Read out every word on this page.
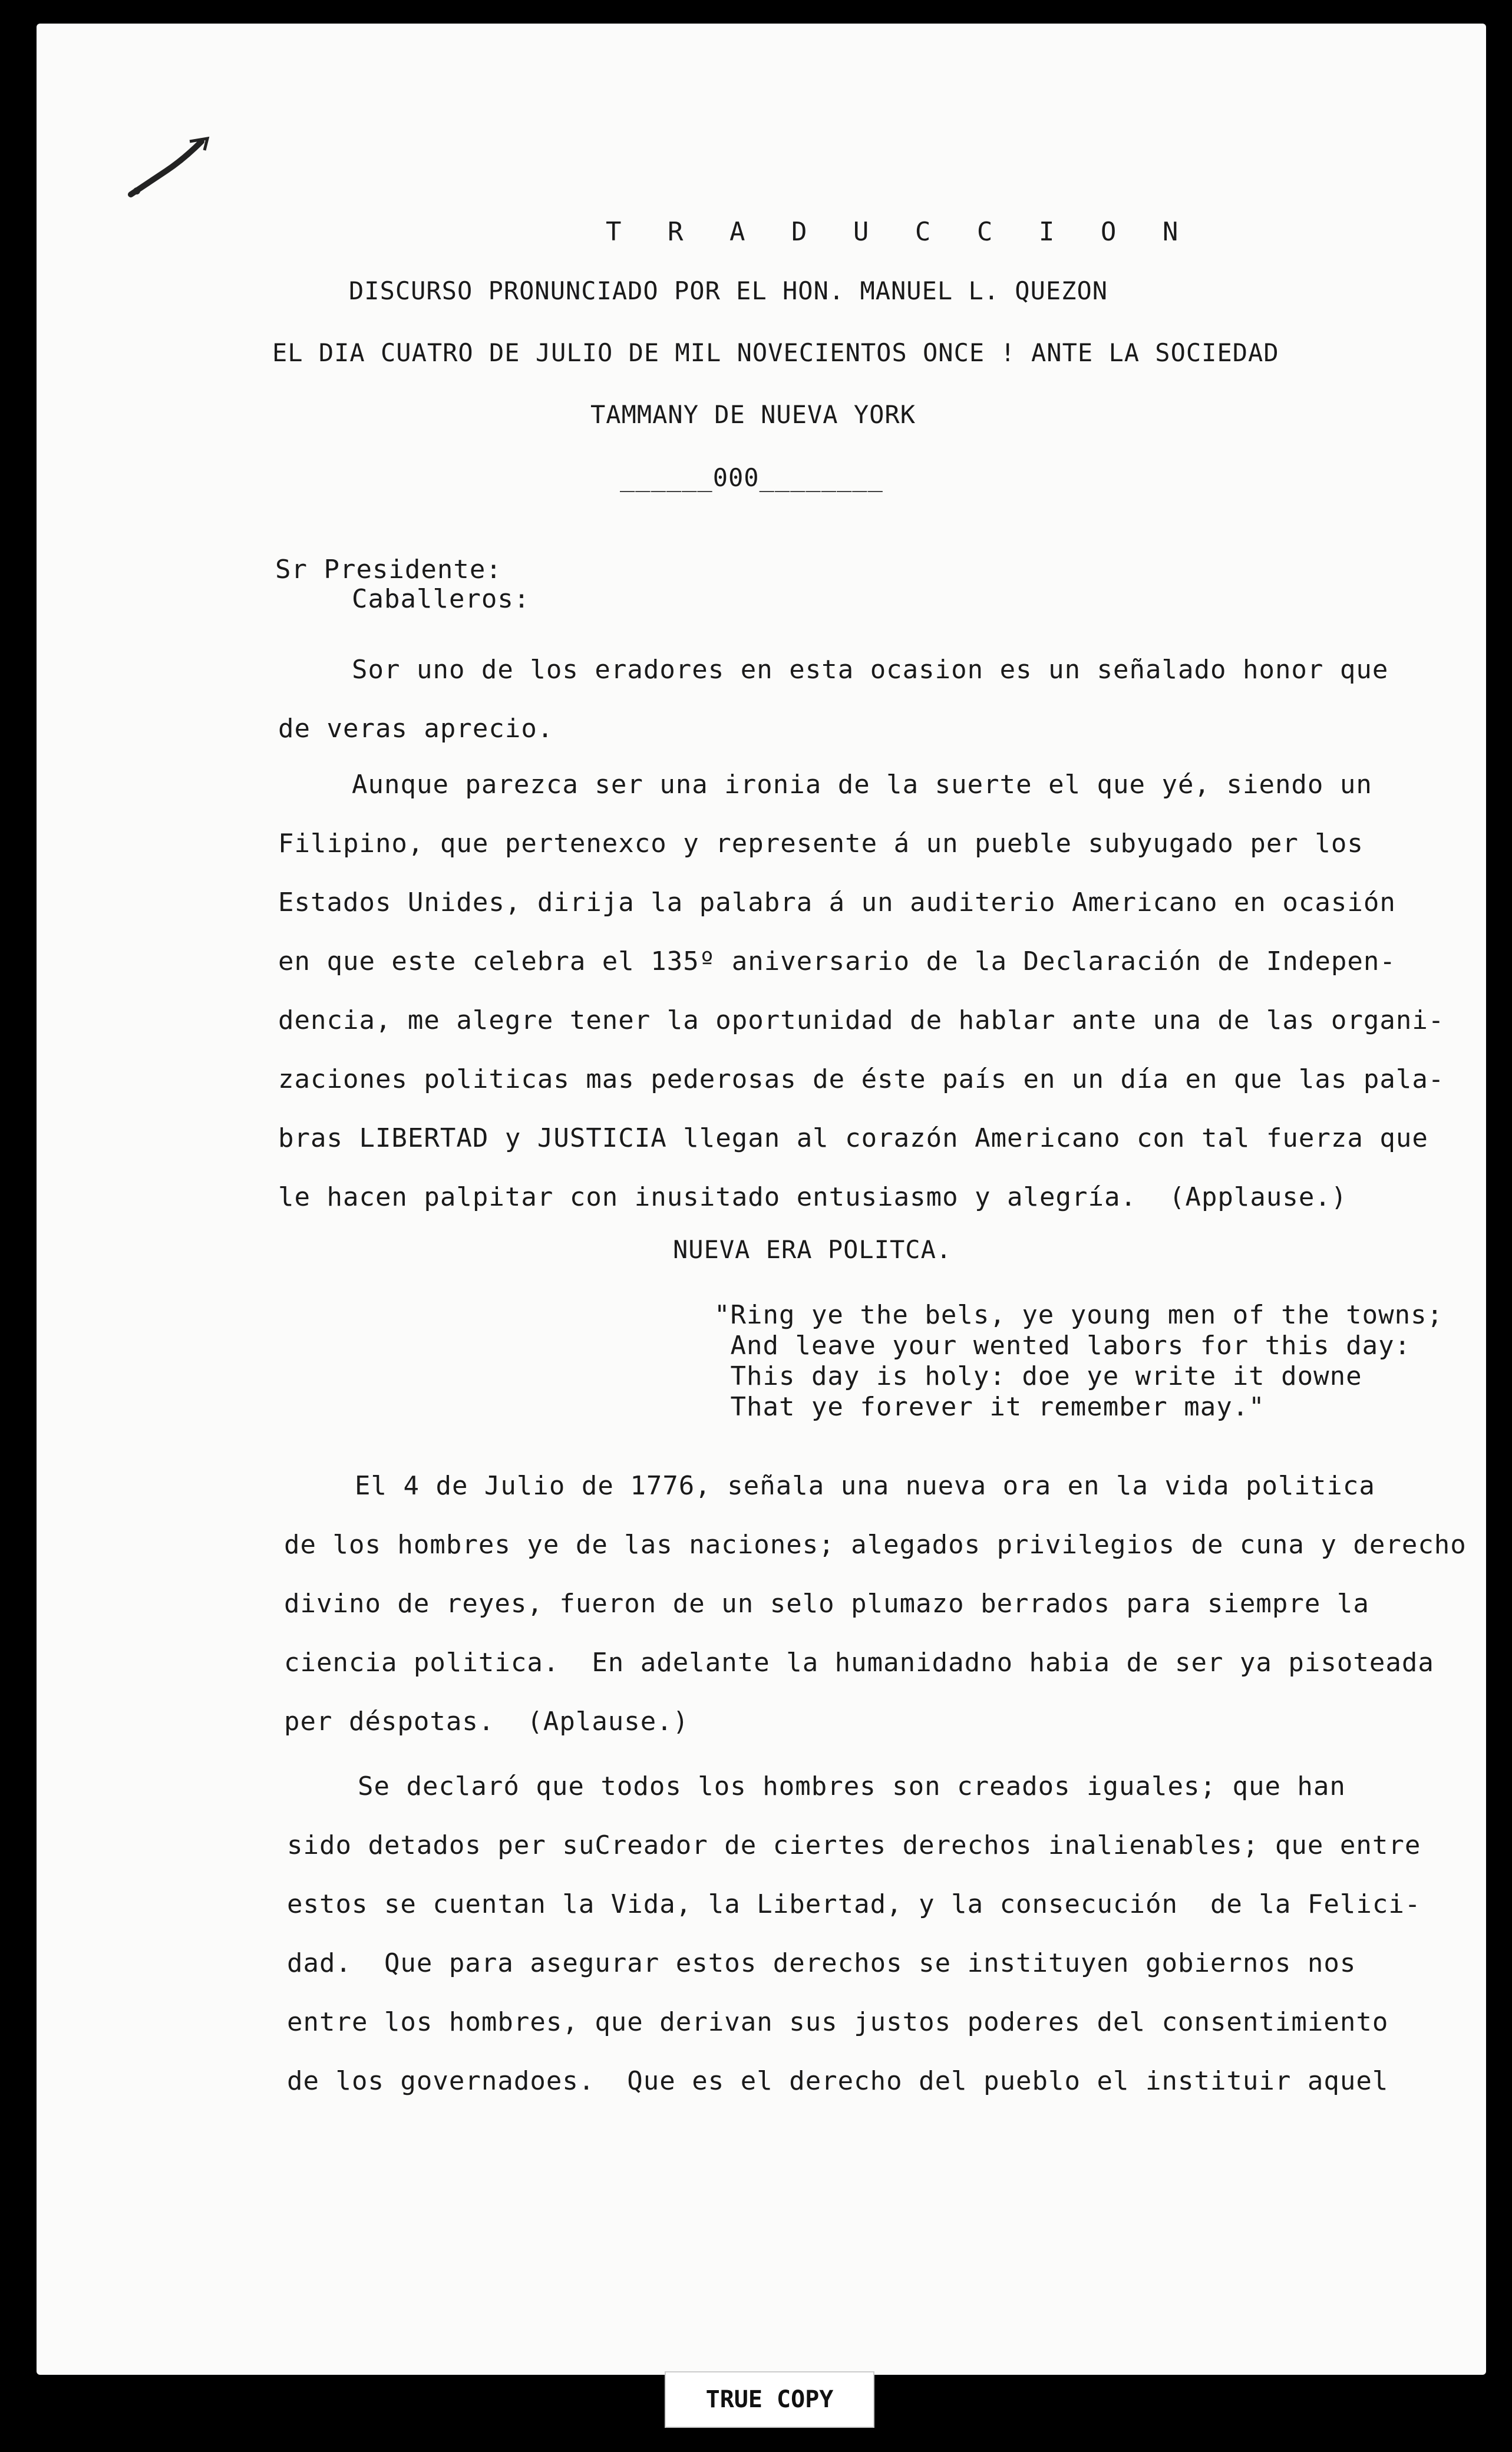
T R A D U C C I O N
DISCURSO PRONUNCIADO POR EL HON. MANUEL L. QUEZON
EL DIA CUATRO DE JULIO DE MIL NOVECIENTOS ONCE ! ANTE LA SOCIEDAD
TAMMANY DE NUEVA YORK
______000________
Sr Presidente:
Caballeros:
Sor uno de los eradores en esta ocasion es un señalado honor que
de veras aprecio.
Aunque parezca ser una ironia de la suerte el que yé, siendo un
Filipino, que pertenexco y represente á un pueble subyugado per los
Estados Unides, dirija la palabra á un auditerio Americano en ocasión
en que este celebra el 135º aniversario de la Declaración de Indepen-
dencia, me alegre tener la oportunidad de hablar ante una de las organi-
zaciones politicas mas pederosas de éste país en un día en que las pala-
bras LIBERTAD y JUSTICIA llegan al corazón Americano con tal fuerza que
le hacen palpitar con inusitado entusiasmo y alegría.  (Applause.)
NUEVA ERA POLITCA.
"Ring ye the bels, ye young men of the towns;
And leave your wented labors for this day:
This day is holy: doe ye write it downe
That ye forever it remember may."
El 4 de Julio de 1776, señala una nueva ora en la vida politica
de los hombres ye de las naciones; alegados privilegios de cuna y derecho
divino de reyes, fueron de un selo plumazo berrados para siempre la
ciencia politica.  En adelante la humanidadno habia de ser ya pisoteada
per déspotas.  (Aplause.)
Se declaró que todos los hombres son creados iguales; que han
sido detados per suCreador de ciertes derechos inalienables; que entre
estos se cuentan la Vida, la Libertad, y la consecución  de la Felici-
dad.  Que para asegurar estos derechos se instituyen gobiernos nos
entre los hombres, que derivan sus justos poderes del consentimiento
de los governadoes.  Que es el derecho del pueblo el instituir aquel
TRUE COPY
